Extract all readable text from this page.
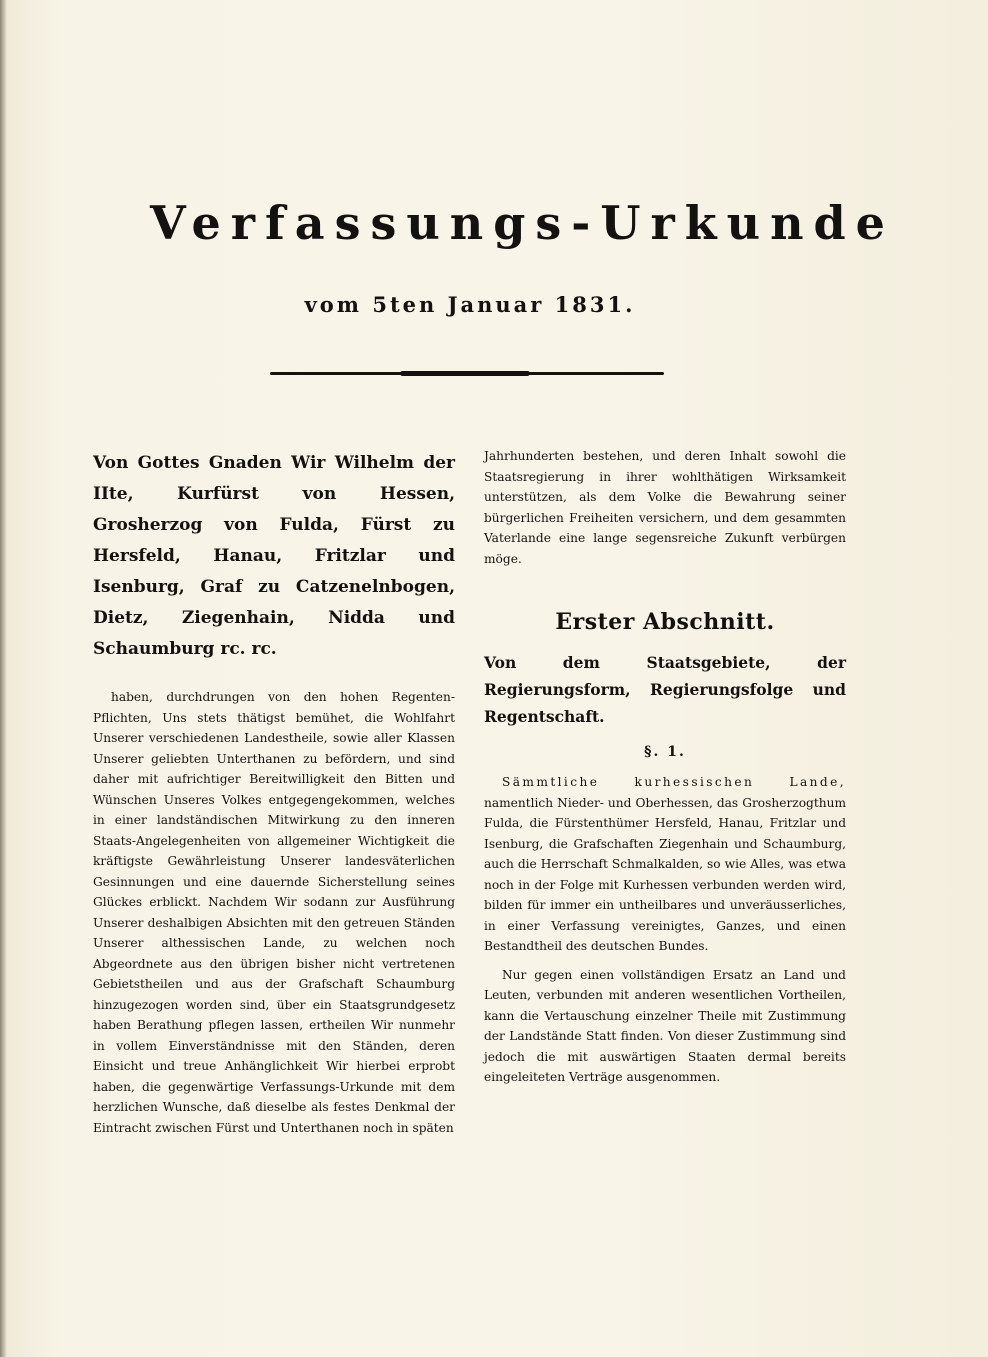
Verfassungs-Urkunde
vom 5ten Januar 1831.

Von Gottes Gnaden Wir Wilhelm der IIte, Kurfürst von Hessen, Grosherzog von Fulda, Fürst zu Hersfeld, Hanau, Fritzlar und Isenburg, Graf zu Catzenelnbogen, Dietz, Ziegenhain, Nidda und Schaumburg rc. rc.

haben, durchdrungen von den hohen Regenten-Pflichten, Uns stets thätigst bemühet, die Wohlfahrt Unserer verschiedenen Landestheile, sowie aller Klassen Unserer geliebten Unterthanen zu befördern, und sind daher mit aufrichtiger Bereitwilligkeit den Bitten und Wünschen Unseres Volkes entgegengekommen, welches in einer landständischen Mitwirkung zu den inneren Staats-Angelegenheiten von allgemeiner Wichtigkeit die kräftigste Gewährleistung Unserer landesväterlichen Gesinnungen und eine dauernde Sicherstellung seines Glückes erblickt. Nachdem Wir sodann zur Ausführung Unserer deshalbigen Absichten mit den getreuen Ständen Unserer althessischen Lande, zu welchen noch Abgeordnete aus den übrigen bisher nicht vertretenen Gebietstheilen und aus der Grafschaft Schaumburg hinzugezogen worden sind, über ein Staatsgrundgesetz haben Berathung pflegen lassen, ertheilen Wir nunmehr in vollem Einverständnisse mit den Ständen, deren Einsicht und treue Anhänglichkeit Wir hierbei erprobt haben, die gegenwärtige Verfassungs-Urkunde mit dem herzlichen Wunsche, daß dieselbe als festes Denkmal der Eintracht zwischen Fürst und Unterthanen noch in späten

Jahrhunderten bestehen, und deren Inhalt sowohl die Staatsregierung in ihrer wohlthätigen Wirksamkeit unterstützen, als dem Volke die Bewahrung seiner bürgerlichen Freiheiten versichern, und dem gesammten Vaterlande eine lange segensreiche Zukunft verbürgen möge.

Erster Abschnitt.

Von dem Staatsgebiete, der Regierungsform, Regierungsfolge und Regentschaft.

§. 1.

Sämmtliche kurhessischen Lande, namentlich Nieder- und Oberhessen, das Grosherzogthum Fulda, die Fürstenthümer Hersfeld, Hanau, Fritzlar und Isenburg, die Grafschaften Ziegenhain und Schaumburg, auch die Herrschaft Schmalkalden, so wie Alles, was etwa noch in der Folge mit Kurhessen verbunden werden wird, bilden für immer ein untheilbares und unveräusserliches, in einer Verfassung vereinigtes, Ganzes, und einen Bestandtheil des deutschen Bundes.

Nur gegen einen vollständigen Ersatz an Land und Leuten, verbunden mit anderen wesentlichen Vortheilen, kann die Vertauschung einzelner Theile mit Zustimmung der Landstände Statt finden. Von dieser Zustimmung sind jedoch die mit auswärtigen Staaten dermal bereits eingeleiteten Verträge ausgenommen.
